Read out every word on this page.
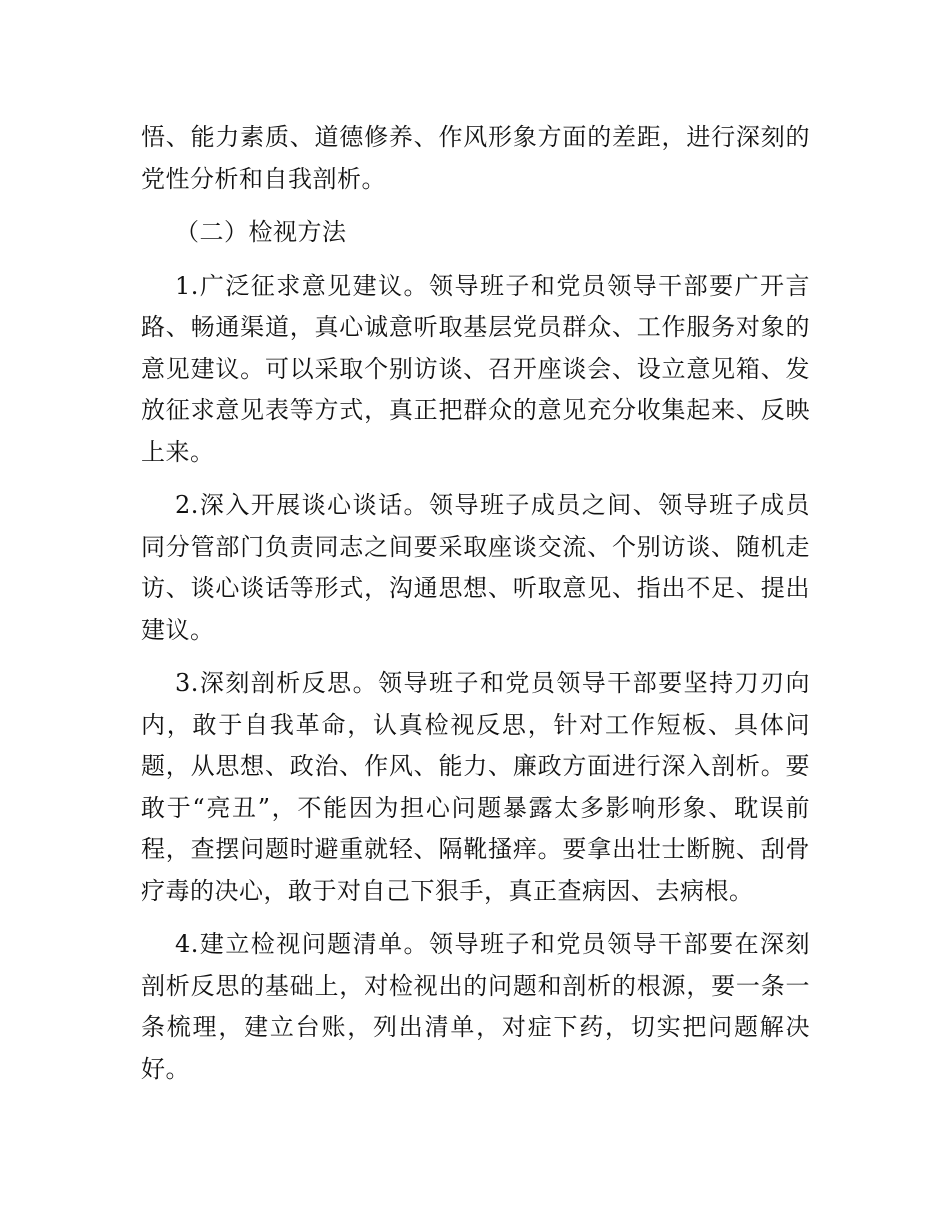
悟、能力素质、道德修养、作风形象方面的差距，进行深刻的党性分析和自我剖析。

（二）检视方法

1.广泛征求意见建议。领导班子和党员领导干部要广开言路、畅通渠道，真心诚意听取基层党员群众、工作服务对象的意见建议。可以采取个别访谈、召开座谈会、设立意见箱、发放征求意见表等方式，真正把群众的意见充分收集起来、反映上来。

2.深入开展谈心谈话。领导班子成员之间、领导班子成员同分管部门负责同志之间要采取座谈交流、个别访谈、随机走访、谈心谈话等形式，沟通思想、听取意见、指出不足、提出建议。

3.深刻剖析反思。领导班子和党员领导干部要坚持刀刃向内，敢于自我革命，认真检视反思，针对工作短板、具体问题，从思想、政治、作风、能力、廉政方面进行深入剖析。要敢于“亮丑”，不能因为担心问题暴露太多影响形象、耽误前程，查摆问题时避重就轻、隔靴搔痒。要拿出壮士断腕、刮骨疗毒的决心，敢于对自己下狠手，真正查病因、去病根。

4.建立检视问题清单。领导班子和党员领导干部要在深刻剖析反思的基础上，对检视出的问题和剖析的根源，要一条一条梳理，建立台账，列出清单，对症下药，切实把问题解决好。
